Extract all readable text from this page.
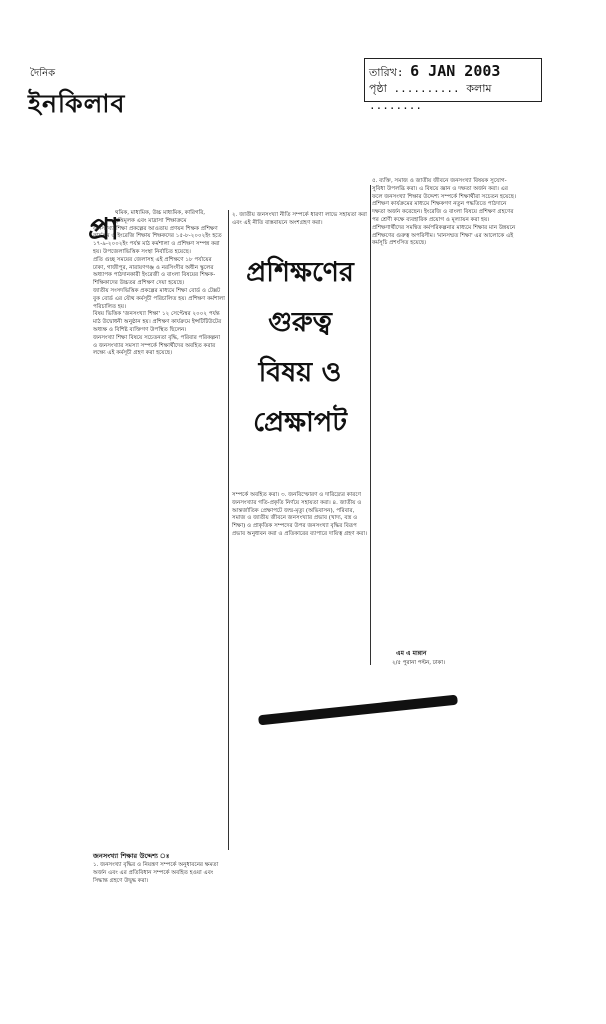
দৈনিক
ইনকিলাব
তারিখ: 6 JAN 2003
পৃষ্ঠা .......... কলাম ........
প্রা

থমিক, মাধ্যমিক, উচ্চ মাধ্যমিক, কারিগরি, বৃত্তিমূলক এবং মাদ্রাসা শিক্ষাক্রমে

জনসংখ্যা শিক্ষা প্রকল্পের আওতায় প্রণয়ন শিক্ষক প্রশিক্ষণ কার্যক্রম ও ইংরেজি শিক্ষায় শিক্ষকদের ১৫-৮-২০০২ইং হতে ১৭-৯-২০০২ইং পর্যন্ত মাঠ কর্মশালা ও প্রশিক্ষণ সম্পন্ন করা হয়। উপজেলাভিত্তিক সংস্থা নির্বাচিত হয়েছে।

প্রতি গুচ্ছ সময়ের জেলাসহ এই প্রশিক্ষণে ১৮ পর্যায়ের ঢাকা, গাজীপুর, নারায়ণগঞ্জ ও নরসিংদীর অধীন স্কুলের অধ্যাপক পাঠদানকারী ইংরেজী ও বাংলা বিষয়ের শিক্ষক-শিক্ষিকাদের উচ্চতর প্রশিক্ষণ দেয়া হয়েছে।

জাতীয় সংসদভিত্তিক প্রকল্পের মাধ্যমে শিক্ষা বোর্ড ও টেক্সট বুক বোর্ড এর যৌথ কর্মসূচী পরিচালিত হয়। প্রশিক্ষণ কর্মশালা পরিচালিত হয়।

বিষয় ভিত্তিক 'জনসংখ্যা শিক্ষা' ১২ সেপ্টেম্বর ২০০২ পর্যন্ত মাঠ উদ্বোধনী অনুষ্ঠান হয়। প্রশিক্ষণ কার্যক্রমে ইন্সটিটিউটের অধ্যক্ষ ও বিশিষ্ট ব্যক্তিগণ উপস্থিত ছিলেন।

জনসংখ্যা শিক্ষা বিষয়ে সচেতনতা বৃদ্ধি, পরিবার পরিকল্পনা ও জনসংখ্যার সমস্যা সম্পর্কে শিক্ষার্থীদের অবহিত করার লক্ষ্যে এই কর্মসূচী গ্রহণ করা হয়েছে।

জনসংখ্যা শিক্ষার উদ্দেশ্য ঃ
১. জনসংখ্যা বৃদ্ধির ও নিয়ন্ত্রণ সম্পর্কে অনুধাবনের ক্ষমতা অর্জন এবং এর প্রতিবিধান সম্পর্কে অবহিত হওয়া এবং সিদ্ধান্ত গ্রহণে উদ্বুদ্ধ করা।
২. জাতীয় জনসংখ্যা নীতি সম্পর্কে ধারণা লাভে সহায়তা করা এবং এই নীতি বাস্তবায়নে অংশগ্রহণ করা।
প্রশিক্ষণের
গুরুত্ব
বিষয় ও
প্রেক্ষাপট
সম্পর্কে অবহিত করা। ৩. জনবিস্ফোরণ ও দারিদ্র্যের কারণে জনসংখ্যার গতি-প্রকৃতি নির্ণয়ে সহায়তা করা। ৪. জাতীয় ও আন্তর্জাতিক প্রেক্ষাপটে জন্ম-মৃত্যু (অভিবাসন), পরিবার, সমাজ ও জাতীয় জীবনে জনসংখ্যার প্রভাব (খাদ্য, বস্ত্র ও শিক্ষা) ও প্রাকৃতিক সম্পদের উপর জনসংখ্যা বৃদ্ধির বিরূপ প্রভাব অনুধাবন করা ও প্রতিকারের ব্যাপারে দায়িত্ব গ্রহণ করা।
৫. ব্যক্তি, সমাজ ও জাতীয় জীবনে জনসংখ্যা বিষয়ক সুযোগ-সুবিধা উপলব্ধি করা। এ বিষয়ে জ্ঞান ও দক্ষতা অর্জন করা। এর ফলে জনসংখ্যা শিক্ষার উদ্দেশ্য সম্পর্কে শিক্ষার্থীরা সচেতন হয়েছে। প্রশিক্ষণ কার্যক্রমের মাধ্যমে শিক্ষকগণ নতুন পদ্ধতিতে পাঠদানে দক্ষতা অর্জন করেছেন। ইংরেজি ও বাংলা বিষয়ে প্রশিক্ষণ গ্রহণের পর শ্রেণী কক্ষে ব্যবহারিক প্রয়োগ ও মূল্যায়ন করা হয়। প্রশিক্ষণার্থীদের সমন্বিত কর্মপরিকল্পনার মাধ্যমে শিক্ষার মান উন্নয়নে প্রশিক্ষণের গুরুত্ব অপরিসীম। 'মানসম্মত শিক্ষা' এর আলোকে এই কর্মসূচি প্রশংসিত হয়েছে।
এম এ মান্নান
২/৫ পুরানা পল্টন, ঢাকা।
